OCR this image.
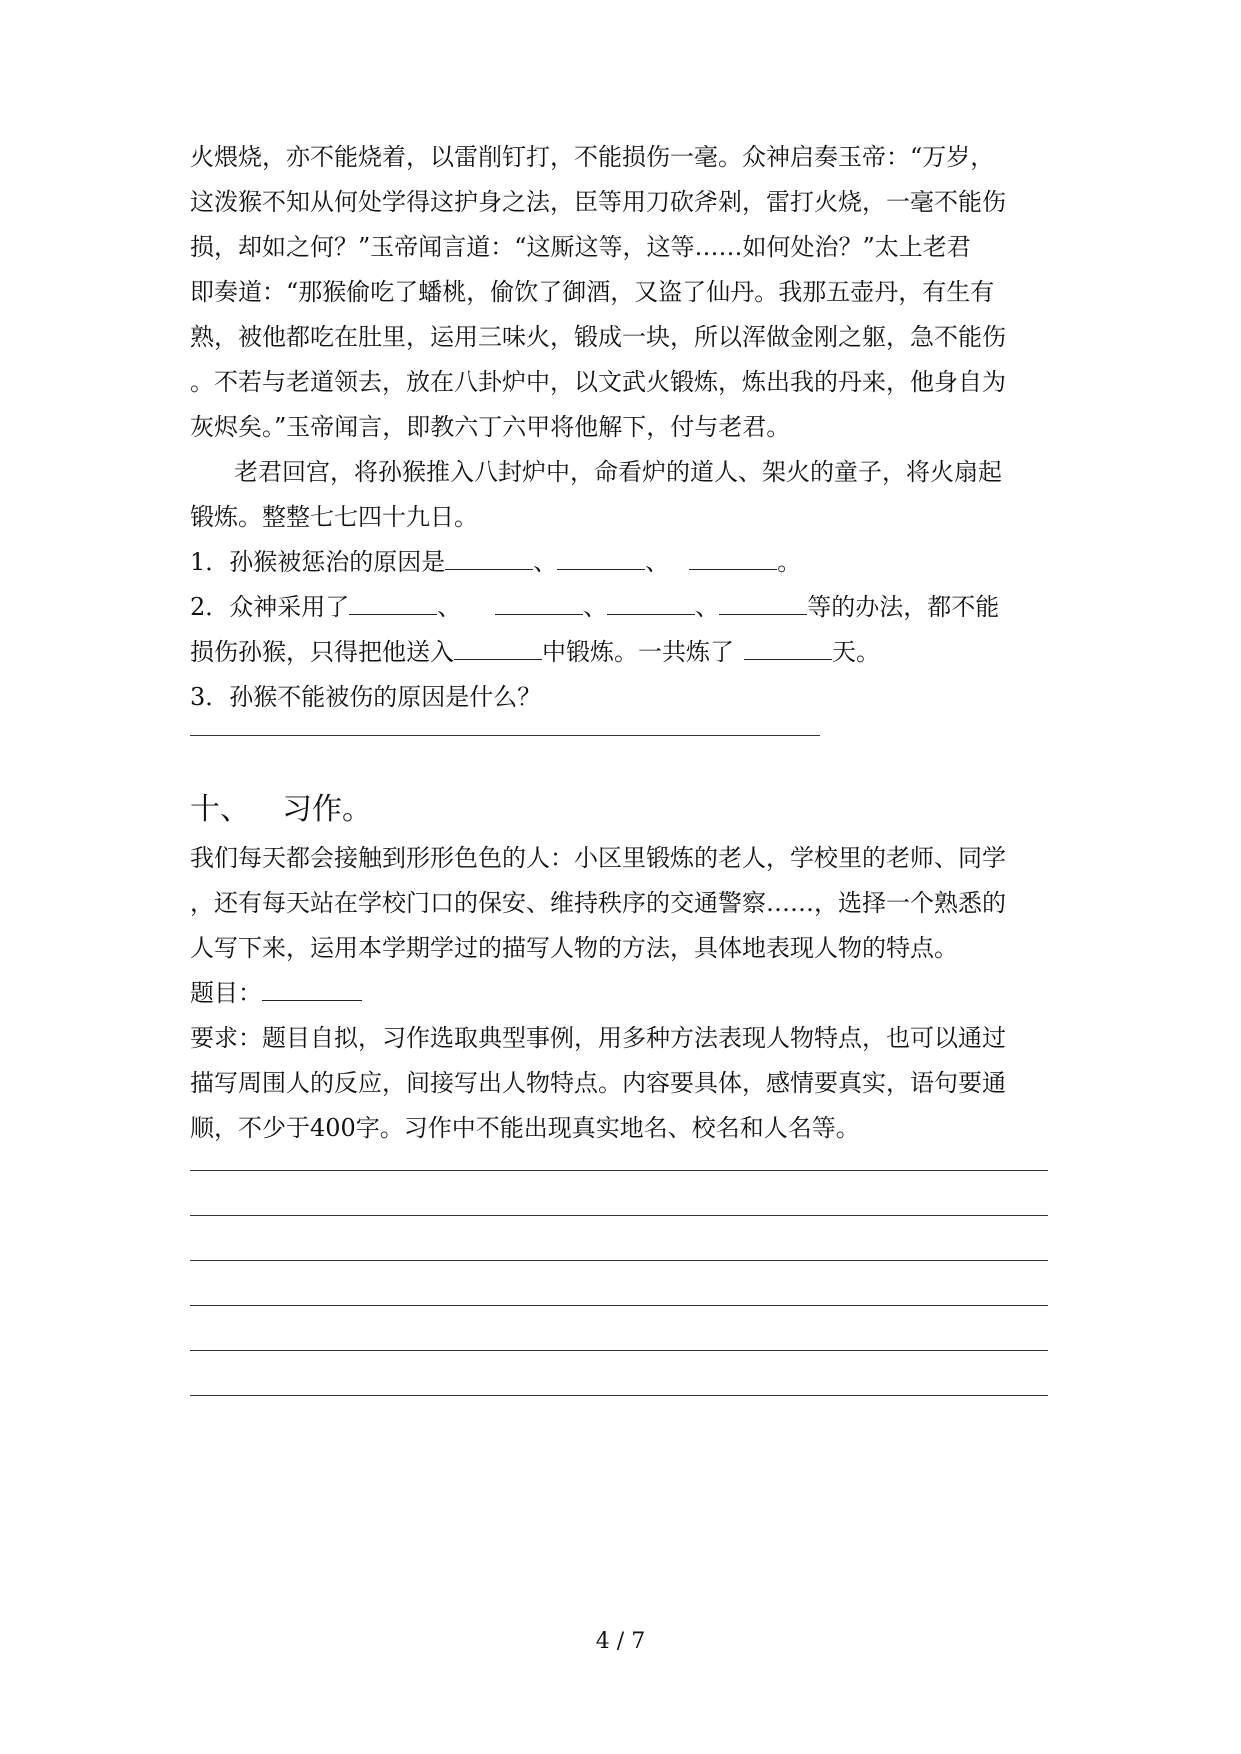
火煨烧，亦不能烧着，以雷削钉打，不能损伤一毫。众神启奏玉帝：“万岁，
这泼猴不知从何处学得这护身之法，臣等用刀砍斧剁，雷打火烧，一毫不能伤
损，却如之何？”玉帝闻言道：“这厮这等，这等……如何处治？”太上老君
即奏道：“那猴偷吃了蟠桃，偷饮了御酒，又盗了仙丹。我那五壶丹，有生有
熟，被他都吃在肚里，运用三味火，锻成一块，所以浑做金刚之躯，急不能伤
。不若与老道领去，放在八卦炉中，以文武火锻炼，炼出我的丹来，他身自为
灰烬矣。”玉帝闻言，即教六丁六甲将他解下，付与老君。
老君回宫，将孙猴推入八封炉中，命看炉的道人、架火的童子，将火扇起
锻炼。整整七七四十九日。
1．孙猴被惩治的原因是	、	、	。
2．众神采用了	、	、	、	等的办法，都不能
损伤孙猴，只得把他送入	中锻炼。一共炼了	天。
3．孙猴不能被伤的原因是什么？
十、 习作。
我们每天都会接触到形形色色的人：小区里锻炼的老人，学校里的老师、同学
，还有每天站在学校门口的保安、维持秩序的交通警察……，选择一个熟悉的
人写下来，运用本学期学过的描写人物的方法，具体地表现人物的特点。
题目：
要求：题目自拟，习作选取典型事例，用多种方法表现人物特点，也可以通过
描写周围人的反应，间接写出人物特点。内容要具体，感情要真实，语句要通
顺，不少于400字。习作中不能出现真实地名、校名和人名等。
4 / 7
